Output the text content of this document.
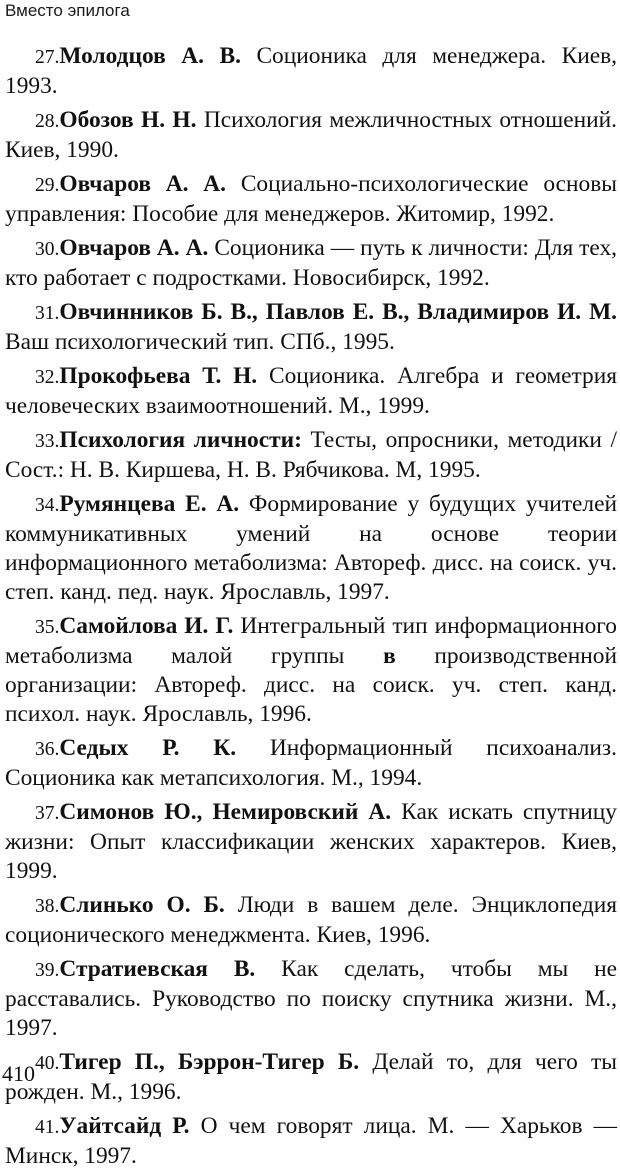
Вместо эпилога

27.Молодцов А. В. Соционика для менеджера. Киев, 1993.

28.Обозов Н. Н. Психология межличностных отношений. Киев, 1990.

29.Овчаров А. А. Социально-психологические основы управления: Пособие для менеджеров. Житомир, 1992.

30.Овчаров А. А. Соционика — путь к личности: Для тех, кто работает с подростками. Новосибирск, 1992.

31.Овчинников Б. В., Павлов Е. В., Владимиров И. М. Ваш психологический тип. СПб., 1995.

32.Прокофьева Т. Н. Соционика. Алгебра и геометрия человеческих взаимоотношений. М., 1999.

33.Психология личности: Тесты, опросники, методики / Сост.: Н. В. Киршева, Н. В. Рябчикова. М, 1995.

34.Румянцева Е. А. Формирование у будущих учителей коммуникативных умений на основе теории информационного метаболизма: Автореф. дисс. на соиск. уч. степ. канд. пед. наук. Ярославль, 1997.

35.Самойлова И. Г. Интегральный тип информационного метаболизма малой группы в производственной организации: Автореф. дисс. на соиск. уч. степ. канд. психол. наук. Ярославль, 1996.

36.Седых Р. К. Информационный психоанализ. Соционика как метапсихология. М., 1994.

37.Симонов Ю., Немировский А. Как искать спутницу жизни: Опыт классификации женских характеров. Киев, 1999.

38.Слинько О. Б. Люди в вашем деле. Энциклопедия соционического менеджмента. Киев, 1996.

39.Стратиевская В. Как сделать, чтобы мы не расставались. Руководство по поиску спутника жизни. М., 1997.

40.Тигер П., Бэррон-Тигер Б. Делай то, для чего ты рожден. М., 1996.

41.Уайтсайд Р. О чем говорят лица. М. — Харьков — Минск, 1997.

410
